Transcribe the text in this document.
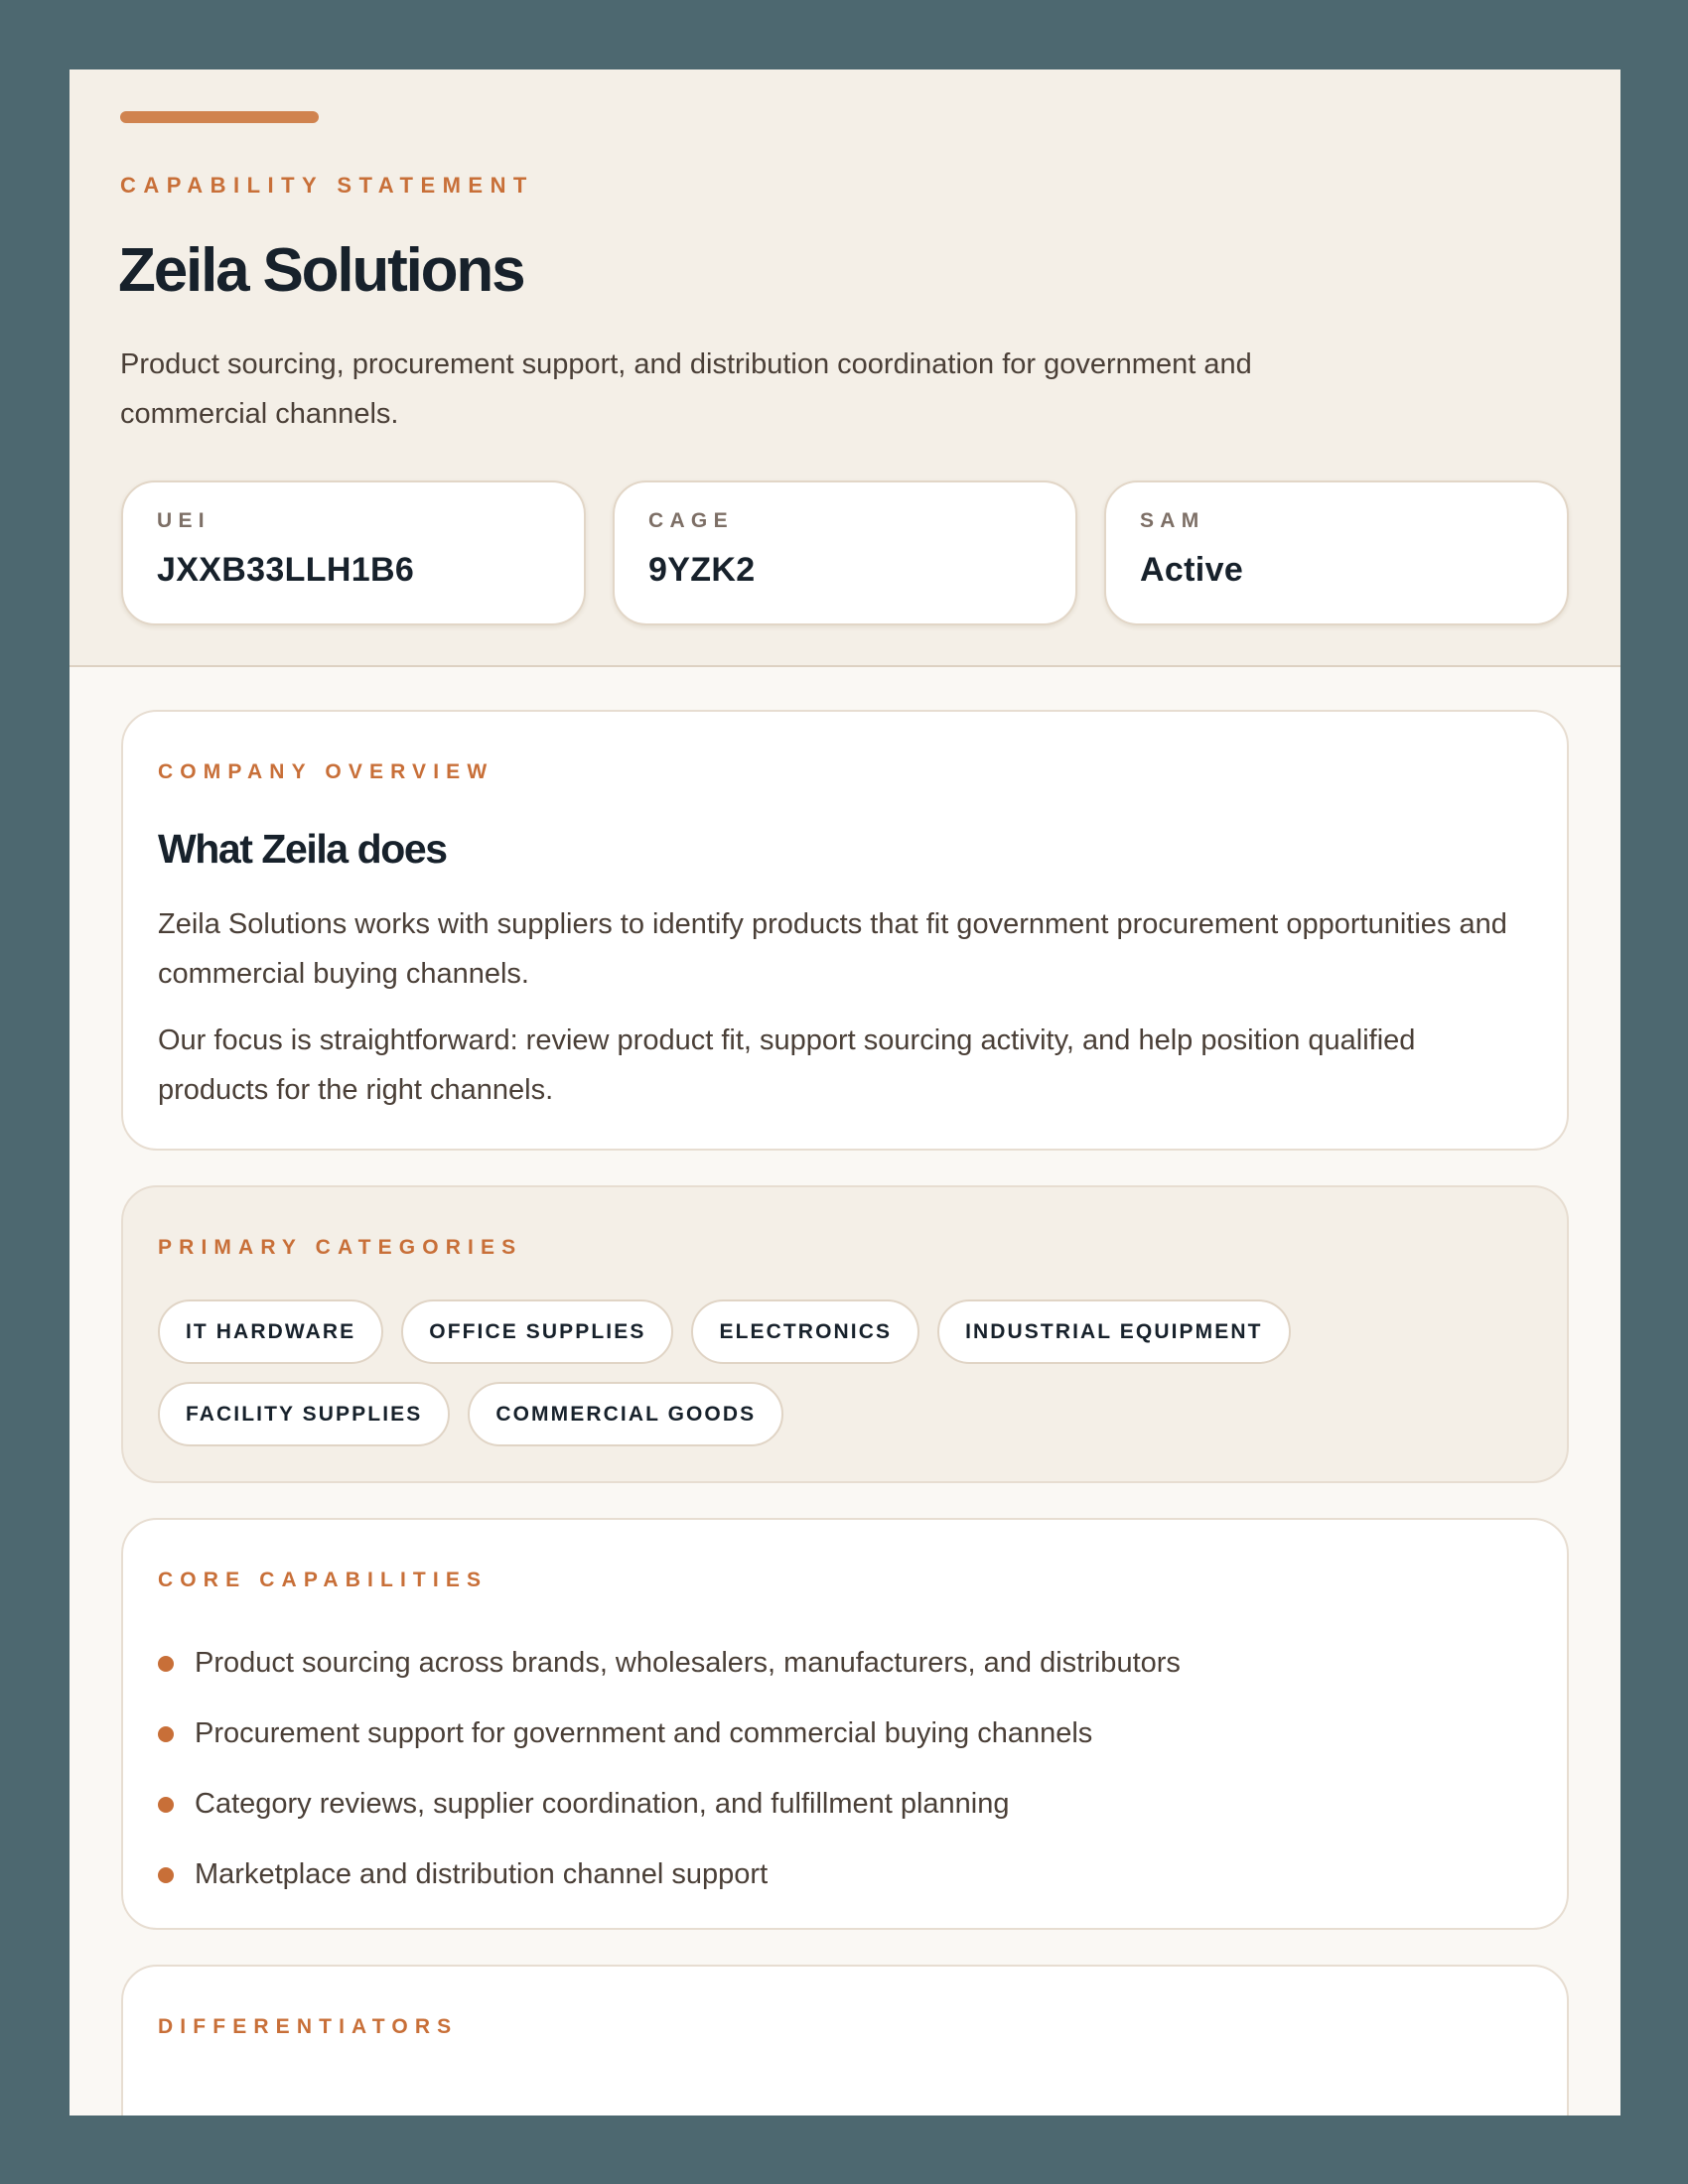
CAPABILITY STATEMENT
Zeila Solutions

Product sourcing, procurement support, and distribution coordination for government and commercial channels.

UEI
JXXB33LLH1B6
CAGE
9YZK2
SAM
Active
COMPANY OVERVIEW
What Zeila does

Zeila Solutions works with suppliers to identify products that fit government procurement opportunities and commercial buying channels.

Our focus is straightforward: review product fit, support sourcing activity, and help position qualified products for the right channels.

PRIMARY CATEGORIES
IT HARDWARE	OFFICE SUPPLIES	ELECTRONICS	INDUSTRIAL EQUIPMENT
FACILITY SUPPLIES	COMMERCIAL GOODS
CORE CAPABILITIES
Product sourcing across brands, wholesalers, manufacturers, and distributors
Procurement support for government and commercial buying channels
Category reviews, supplier coordination, and fulfillment planning
Marketplace and distribution channel support
DIFFERENTIATORS
